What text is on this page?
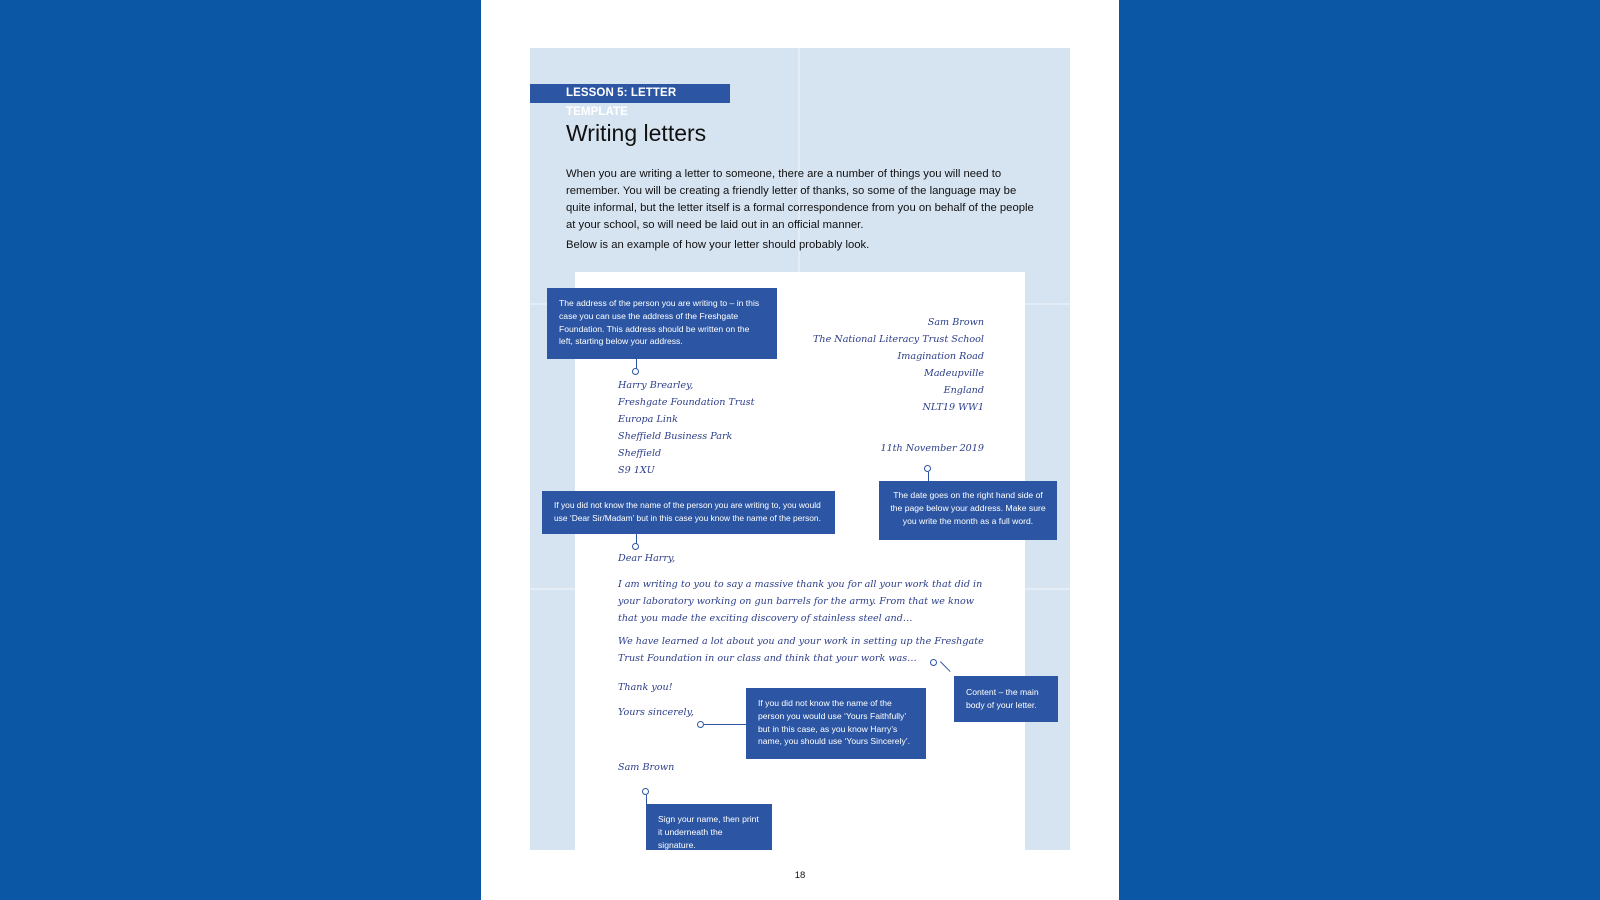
LESSON 5: LETTER TEMPLATE
Writing letters

When you are writing a letter to someone, there are a number of things you will need to remember. You will be creating a friendly letter of thanks, so some of the language may be quite informal, but the letter itself is a formal correspondence from you on behalf of the people at your school, so will need be laid out in an official manner.

Below is an example of how your letter should probably look.

Sam Brown
The National Literacy Trust School
Imagination Road
Madeupville
England
NLT19 WW1
Harry Brearley,
Freshgate Foundation Trust
Europa Link
Sheffield Business Park
Sheffield
S9 1XU
11th November 2019
Dear Harry,

I am writing to you to say a massive thank you for all your work that did in your laboratory working on gun barrels for the army. From that we know that you made the exciting discovery of stainless steel and…

We have learned a lot about you and your work in setting up the Freshgate Trust Foundation in our class and think that your work was…

Thank you!
Yours sincerely,
Sam Brown
The address of the person you are writing to – in this case you can use the address of the Freshgate Foundation. This address should be written on the left, starting below your address.
If you did not know the name of the person you are writing to, you would use ‘Dear Sir/Madam’ but in this case you know the name of the person.
The date goes on the right hand side of the page below your address. Make sure you write the month as a full word.
Content – the main body of your letter.
If you did not know the name of the person you would use ‘Yours Faithfully’ but in this case, as you know Harry’s name, you should use ‘Yours Sincerely’.
Sign your name, then print it underneath the signature.
18
